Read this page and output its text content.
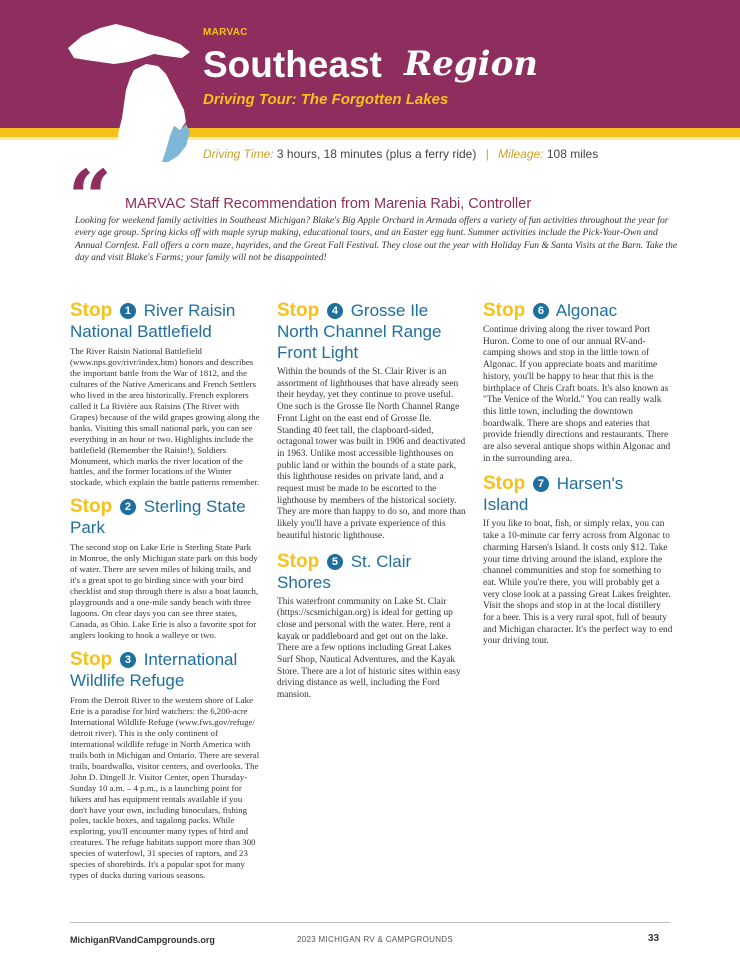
MARVAC
Southeast Region
Driving Tour: The Forgotten Lakes
Driving Time: 3 hours, 18 minutes (plus a ferry ride) | Mileage: 108 miles
“ MARVAC Staff Recommendation from Marenia Rabi, Controller
Looking for weekend family activities in Southeast Michigan? Blake's Big Apple Orchard in Armada offers a variety of fun activities throughout the year for every age group. Spring kicks off with maple syrup making, educational tours, and an Easter egg hunt. Summer activities include the Pick-Your-Own and Annual Cornfest. Fall offers a corn maze, hayrides, and the Great Fall Festival. They close out the year with Holiday Fun & Santa Visits at the Barn. Take the day and visit Blake's Farms; your family will not be disappointed!
Stop 1 River Raisin National Battlefield

The River Raisin National Battlefield (www.nps.gov/rivr/index.htm) honors and describes the important battle from the War of 1812, and the cultures of the Native Americans and French Settlers who lived in the area historically. French explorers called it La Rivière aux Raisins (The River with Grapes) because of the wild grapes growing along the banks. Visiting this small national park, you can see everything in an hour or two. Highlights include the battlefield (Remember the Raisin!), Soldiers Monument, which marks the river location of the battles, and the former locations of the Winter stockade, which explain the battle patterns remember.

Stop 2 Sterling State Park

The second stop on Lake Erie is Sterling State Park in Monroe, the only Michigan state park on this body of water. There are seven miles of hiking trails, and it's a great spot to go birding since with your bird checklist and stop through there is also a boat launch, playgrounds and a one-mile sandy beach with three lagoons. On clear days you can see three states, Canada, as Ohio. Lake Erie is also a favorite spot for anglers looking to hook a walleye or two.

Stop 3 International Wildlife Refuge

From the Detroit River to the western shore of Lake Erie is a paradise for bird watchers: the 6,200-acre International Wildlife Refuge (www.fws.gov/refuge/ detroit river). This is the only continent of international wildlife refuge in North America with trails both in Michigan and Ontario. There are several trails, boardwalks, visitor centers, and overlooks. The John D. Dingell Jr. Visitor Center, open Thursday-Sunday 10 a.m. – 4 p.m., is a launching point for hikers and has equipment rentals available if you don't have your own, including binoculars, fishing poles, tackle boxes, and tagalong packs. While exploring, you'll encounter many types of bird and creatures. The refuge habitats support more than 300 species of waterfowl, 31 species of raptors, and 23 species of shorebirds. It's a popular spot for many types of ducks during various seasons.

Stop 4 Grosse Ile North Channel Range Front Light

Within the bounds of the St. Clair River is an assortment of lighthouses that have already seen their heyday, yet they continue to prove useful. One such is the Grosse Ile North Channel Range Front Light on the east end of Grosse Ile. Standing 40 feet tall, the clapboard-sided, octagonal tower was built in 1906 and deactivated in 1963. Unlike most accessible lighthouses on public land or within the bounds of a state park, this lighthouse resides on private land, and a request must be made to be escorted to the lighthouse by members of the historical society. They are more than happy to do so, and more than likely you'll have a private experience of this beautiful historic lighthouse.

Stop 5 St. Clair Shores

This waterfront community on Lake St. Clair (https://scsmichigan.org) is ideal for getting up close and personal with the water. Here, rent a kayak or paddleboard and get out on the lake. There are a few options including Great Lakes Surf Shop, Nautical Adventures, and the Kayak Store. There are a lot of historic sites within easy driving distance as well, including the Ford mansion.

Stop 6 Algonac

Continue driving along the river toward Port Huron. Come to one of our annual RV-and-camping shows and stop in the little town of Algonac. If you appreciate boats and maritime history, you'll be happy to hear that this is the birthplace of Chris Craft boats. It's also known as "The Venice of the World." You can really walk this little town, including the downtown boardwalk. There are shops and eateries that provide friendly directions and restaurants. There are also several antique shops within Algonac and in the surrounding area.

Stop 7 Harsen's Island

If you like to boat, fish, or simply relax, you can take a 10-minute car ferry across from Algonac to charming Harsen's Island. It costs only $12. Take your time driving around the island, explore the channel communities and stop for something to eat. While you're there, you will probably get a very close look at a passing Great Lakes freighter. Visit the shops and stop in at the local distillery for a beer. This is a very rural spot, full of beauty and Michigan character. It's the perfect way to end your driving tour.

MichiganRVandCampgrounds.org	2023 MICHIGAN RV & CAMPGROUNDS	33
